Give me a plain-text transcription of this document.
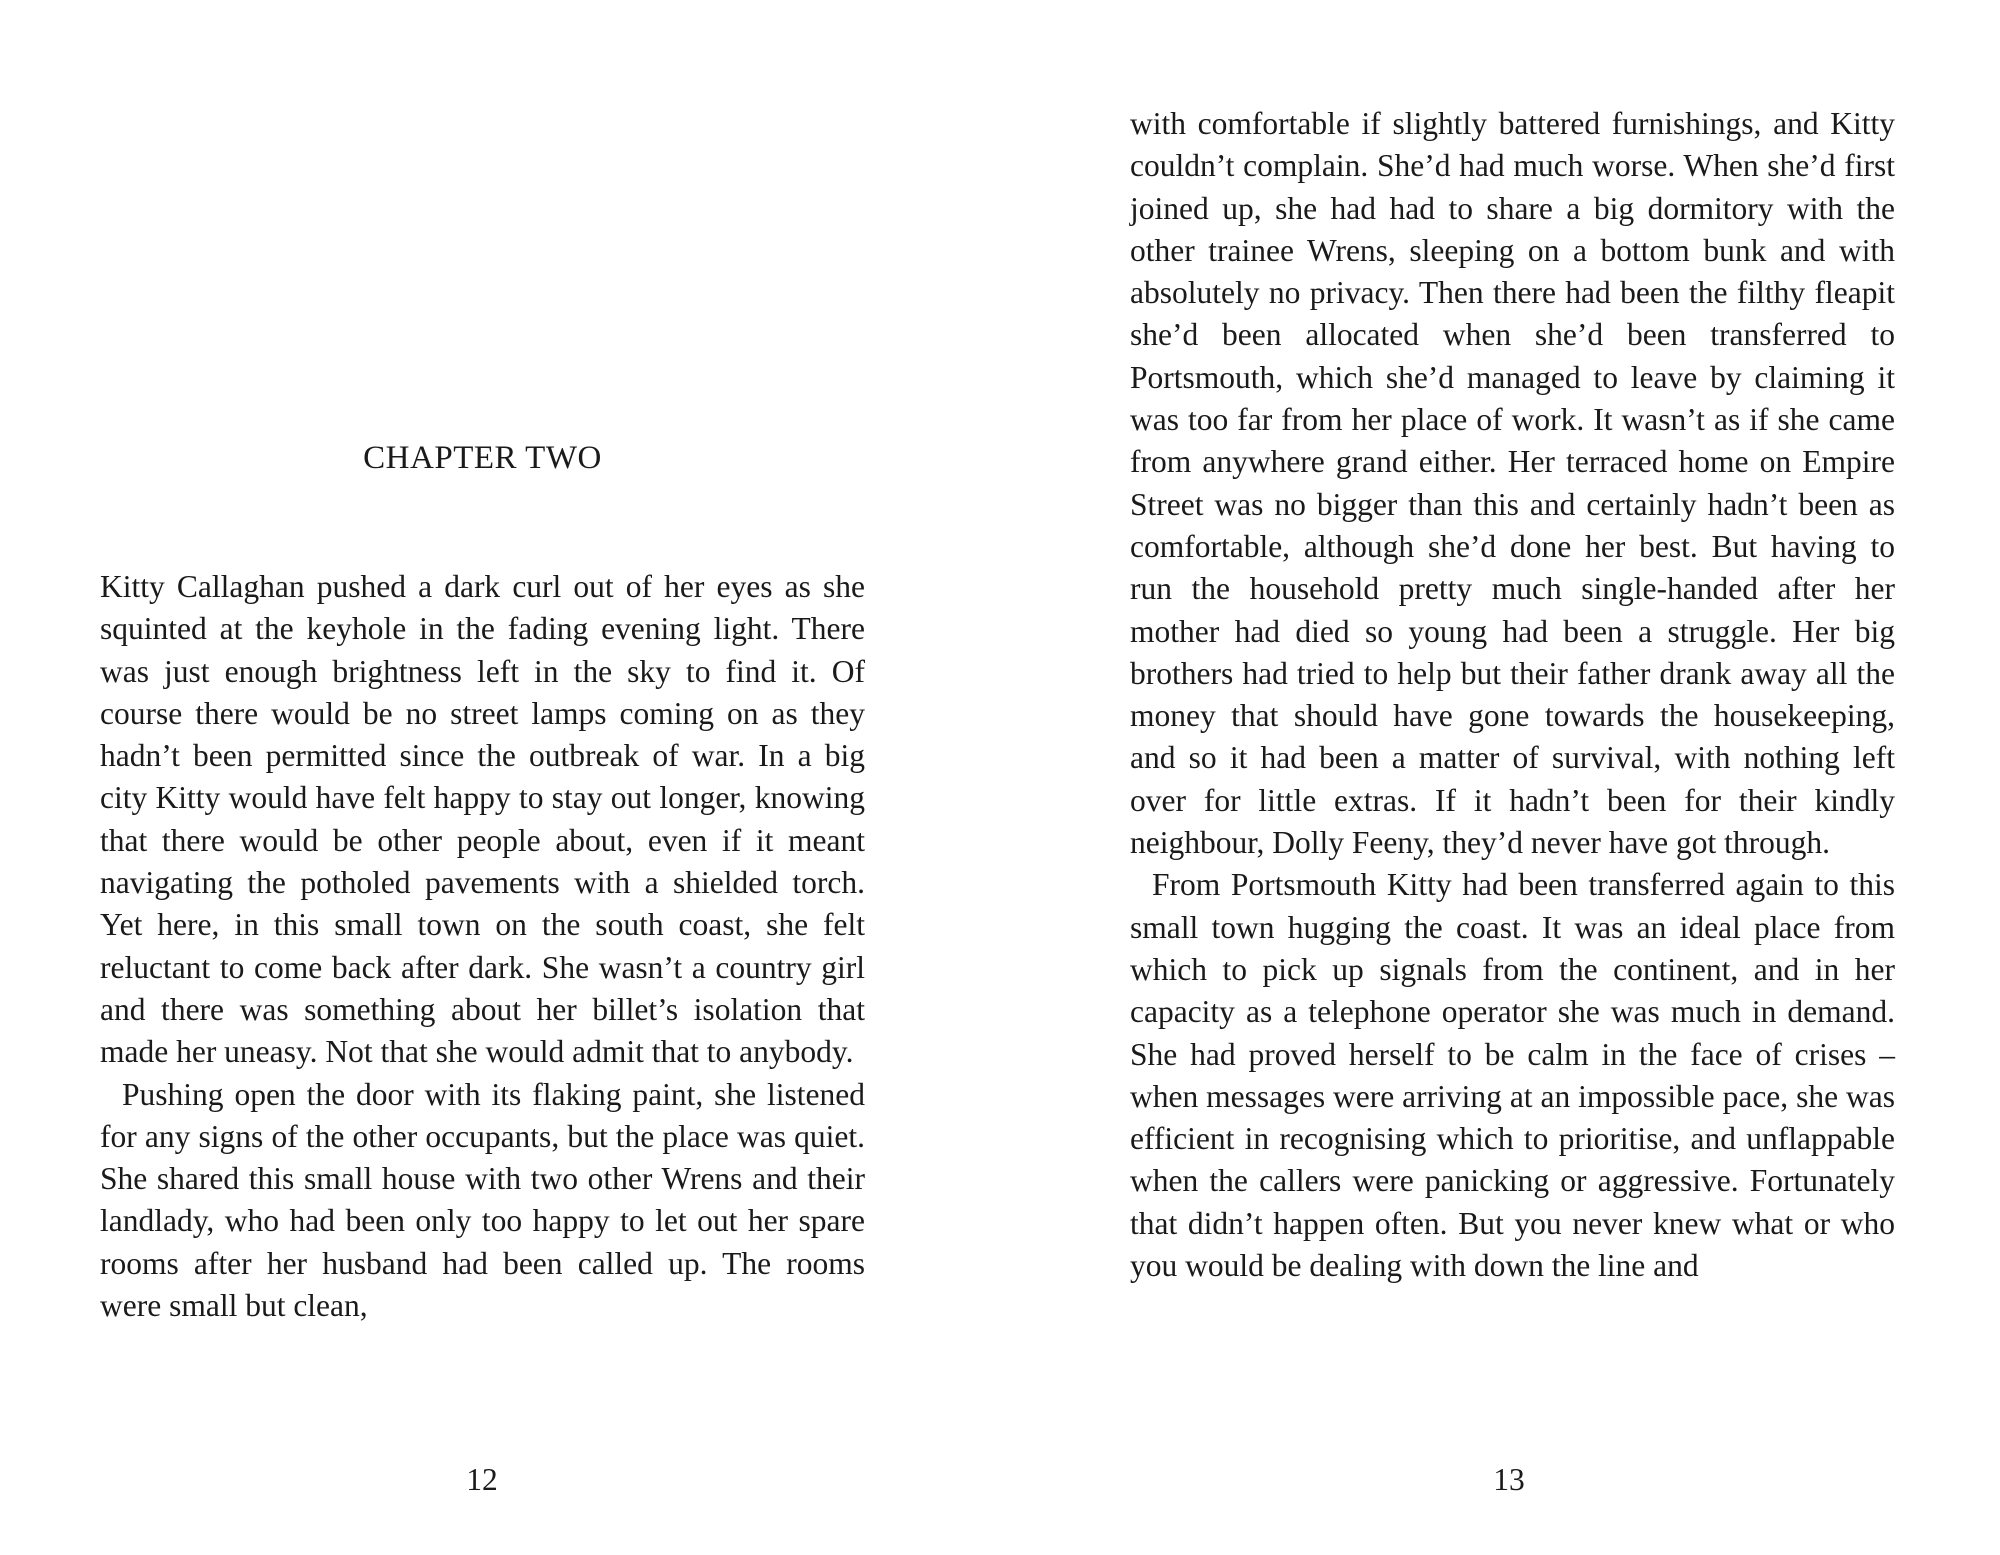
CHAPTER TWO

Kitty Callaghan pushed a dark curl out of her eyes as she squinted at the keyhole in the fading evening light. There was just enough brightness left in the sky to find it. Of course there would be no street lamps coming on as they hadn’t been permitted since the outbreak of war. In a big city Kitty would have felt happy to stay out longer, knowing that there would be other people about, even if it meant navigating the potholed pavements with a shielded torch. Yet here, in this small town on the south coast, she felt reluctant to come back after dark. She wasn’t a country girl and there was something about her billet’s isolation that made her uneasy. Not that she would admit that to anybody.

Pushing open the door with its flaking paint, she listened for any signs of the other occupants, but the place was quiet. She shared this small house with two other Wrens and their landlady, who had been only too happy to let out her spare rooms after her husband had been called up. The rooms were small but clean,

12

with comfortable if slightly battered furnishings, and Kitty couldn’t complain. She’d had much worse. When she’d first joined up, she had had to share a big dormitory with the other trainee Wrens, sleeping on a bottom bunk and with absolutely no privacy. Then there had been the filthy fleapit she’d been allocated when she’d been transferred to Portsmouth, which she’d managed to leave by claiming it was too far from her place of work. It wasn’t as if she came from anywhere grand either. Her terraced home on Empire Street was no bigger than this and certainly hadn’t been as comfortable, although she’d done her best. But having to run the household pretty much single-handed after her mother had died so young had been a struggle. Her big brothers had tried to help but their father drank away all the money that should have gone towards the housekeeping, and so it had been a matter of survival, with nothing left over for little extras. If it hadn’t been for their kindly neighbour, Dolly Feeny, they’d never have got through.

From Portsmouth Kitty had been transferred again to this small town hugging the coast. It was an ideal place from which to pick up signals from the continent, and in her capacity as a telephone operator she was much in demand. She had proved herself to be calm in the face of crises – when messages were arriving at an impossible pace, she was efficient in recognising which to prioritise, and unflappable when the callers were panicking or aggressive. Fortunately that didn’t happen often. But you never knew what or who you would be dealing with down the line and

13
